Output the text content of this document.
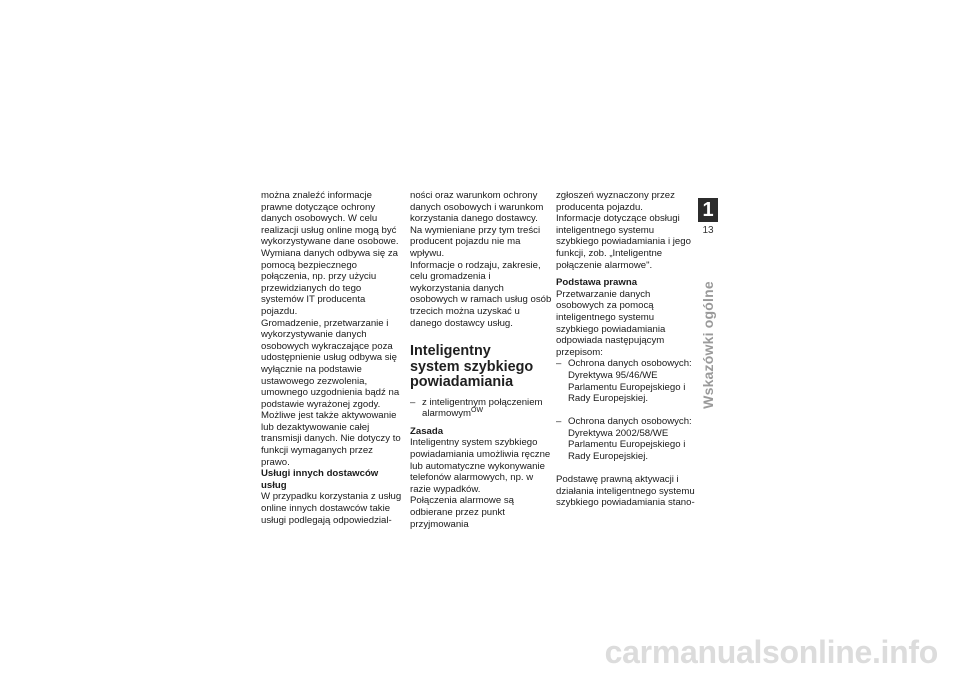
można znaleźć informacje prawne dotyczące ochrony danych osobowych. W celu realizacji usług online mogą być wykorzystywane dane osobowe. Wymiana danych odbywa się za pomocą bezpiecznego połączenia, np. przy użyciu przewidzianych do tego systemów IT producenta pojazdu.

Gromadzenie, przetwarzanie i wykorzystywanie danych osobowych wykraczające poza udostępnienie usług odbywa się wyłącznie na podstawie ustawowego zezwolenia, umownego uzgodnienia bądź na podstawie wyrażonej zgody. Możliwe jest także aktywowanie lub dezaktywowanie całej transmisji danych. Nie dotyczy to funkcji wymaganych przez prawo.

Usługi innych dostawców usług

W przypadku korzystania z usług online innych dostawców takie usługi podlegają odpowiedzial-

ności oraz warunkom ochrony danych osobowych i warunkom korzystania danego dostawcy. Na wymieniane przy tym treści producent pojazdu nie ma wpływu.

Informacje o rodzaju, zakresie, celu gromadzenia i wykorzystania danych osobowych w ramach usług osób trzecich można uzyskać u danego dostawcy usług.

Inteligentny
system szybkiego
powiadamiania

– z inteligentnym połączeniem alarmowym$^{OW}$

Zasada

Inteligentny system szybkiego powiadamiania umożliwia ręczne lub automatyczne wykonywanie telefonów alarmowych, np. w razie wypadków.

Połączenia alarmowe są odbierane przez punkt przyjmowania

zgłoszeń wyznaczony przez producenta pojazdu.

Informacje dotyczące obsługi inteligentnego systemu szybkiego powiadamiania i jego funkcji, zob. „Inteligentne połączenie alarmowe".

Podstawa prawna

Przetwarzanie danych osobowych za pomocą inteligentnego systemu szybkiego powiadamiania odpowiada następującym przepisom:

– Ochrona danych osobowych: Dyrektywa 95/46/WE Parlamentu Europejskiego i Rady Europejskiej.

– Ochrona danych osobowych: Dyrektywa 2002/58/WE Parlamentu Europejskiego i Rady Europejskiej.

Podstawę prawną aktywacji i działania inteligentnego systemu szybkiego powiadamiania stano-

1
13
Wskazówki ogólne
carmanualsonline.info
